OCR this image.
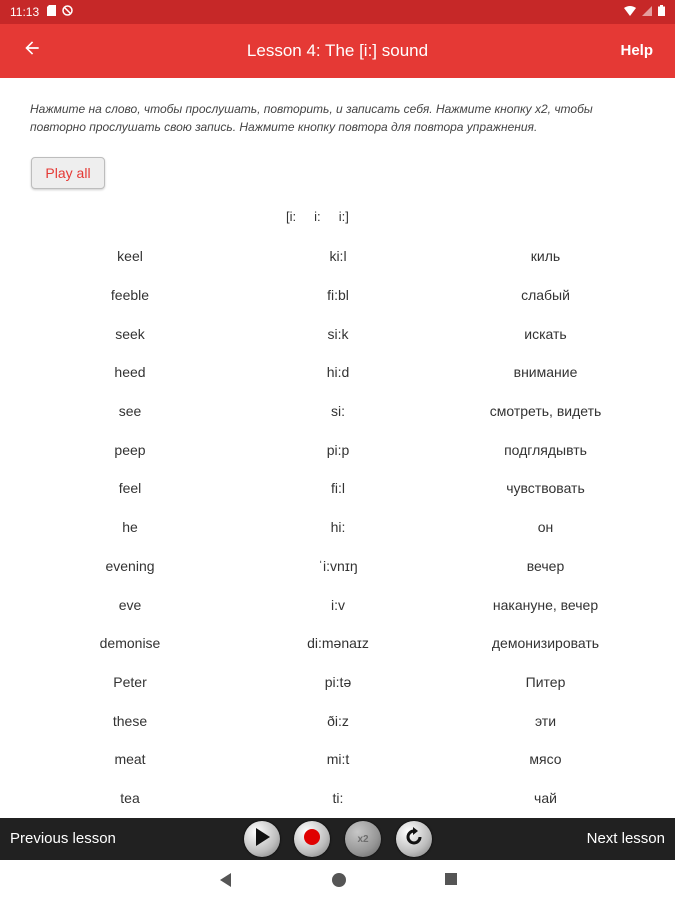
11:13
Lesson 4: The [i:] sound	Help
Нажмите на слово, чтобы прослушать, повторить, и записать себя. Нажмите кнопку x2, чтобы повторно прослушать свою запись. Нажмите кнопку повтора для повтора упражнения.
Play all
[i:     i:     i:]
keel	ki:l	киль
feeble	fi:bl	слабый
seek	si:k	искать
heed	hi:d	внимание
see	si:	смотреть, видеть
peep	pi:p	подглядывть
feel	fi:l	чувствовать
he	hi:	он
evening	ˈi:vnɪŋ	вечер
eve	i:v	накануне, вечер
demonise	di:mənaɪz	демонизировать
Peter	pi:tə	Питер
these	ði:z	эти
meat	mi:t	мясо
tea	ti:	чай
Previous lesson	x2	Next lesson
